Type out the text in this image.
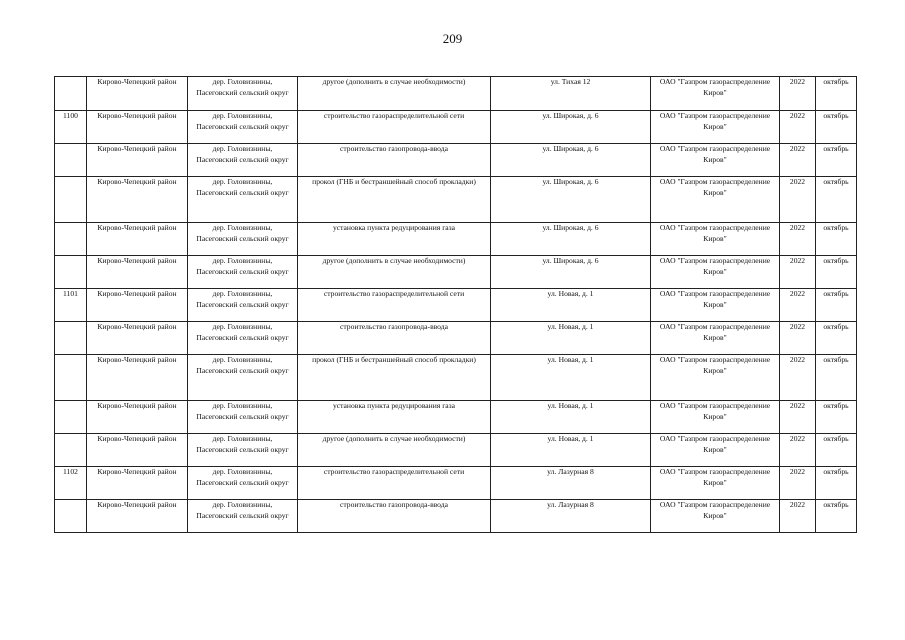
209

	Кирово-Чепецкий район	дер. Головизнины,
Пасеговский сельский округ	другое (дополнить в случае необходимости)	ул. Тихая 12	ОАО "Газпром газораспределение
Киров"	2022	октябрь

1100	Кирово-Чепецкий район	дер. Головизнины,
Пасеговский сельский округ	строительство газораспределительной сети	ул. Широкая, д. 6	ОАО "Газпром газораспределение
Киров"	2022	октябрь

	Кирово-Чепецкий район	дер. Головизнины,
Пасеговский сельский округ	строительство газопровода-ввода	ул. Широкая, д. 6	ОАО "Газпром газораспределение
Киров"	2022	октябрь

	Кирово-Чепецкий район	дер. Головизнины,
Пасеговский сельский округ	прокол (ГНБ и бестраншейный способ прокладки)	ул. Широкая, д. 6	ОАО "Газпром газораспределение
Киров"	2022	октябрь

	Кирово-Чепецкий район	дер. Головизнины,
Пасеговский сельский округ	установка пункта редуцирования газа	ул. Широкая, д. 6	ОАО "Газпром газораспределение
Киров"	2022	октябрь

	Кирово-Чепецкий район	дер. Головизнины,
Пасеговский сельский округ	другое (дополнить в случае необходимости)	ул. Широкая, д. 6	ОАО "Газпром газораспределение
Киров"	2022	октябрь

1101	Кирово-Чепецкий район	дер. Головизнины,
Пасеговский сельский округ	строительство газораспределительной сети	ул. Новая, д. 1	ОАО "Газпром газораспределение
Киров"	2022	октябрь

	Кирово-Чепецкий район	дер. Головизнины,
Пасеговский сельский округ	строительство газопровода-ввода	ул. Новая, д. 1	ОАО "Газпром газораспределение
Киров"	2022	октябрь

	Кирово-Чепецкий район	дер. Головизнины,
Пасеговский сельский округ	прокол (ГНБ и бестраншейный способ прокладки)	ул. Новая, д. 1	ОАО "Газпром газораспределение
Киров"	2022	октябрь

	Кирово-Чепецкий район	дер. Головизнины,
Пасеговский сельский округ	установка пункта редуцирования газа	ул. Новая, д. 1	ОАО "Газпром газораспределение
Киров"	2022	октябрь

	Кирово-Чепецкий район	дер. Головизнины,
Пасеговский сельский округ	другое (дополнить в случае необходимости)	ул. Новая, д. 1	ОАО "Газпром газораспределение
Киров"	2022	октябрь

1102	Кирово-Чепецкий район	дер. Головизнины,
Пасеговский сельский округ	строительство газораспределительной сети	ул. Лазурная 8	ОАО "Газпром газораспределение
Киров"	2022	октябрь

	Кирово-Чепецкий район	дер. Головизнины,
Пасеговский сельский округ	строительство газопровода-ввода	ул. Лазурная 8	ОАО "Газпром газораспределение
Киров"	2022	октябрь
